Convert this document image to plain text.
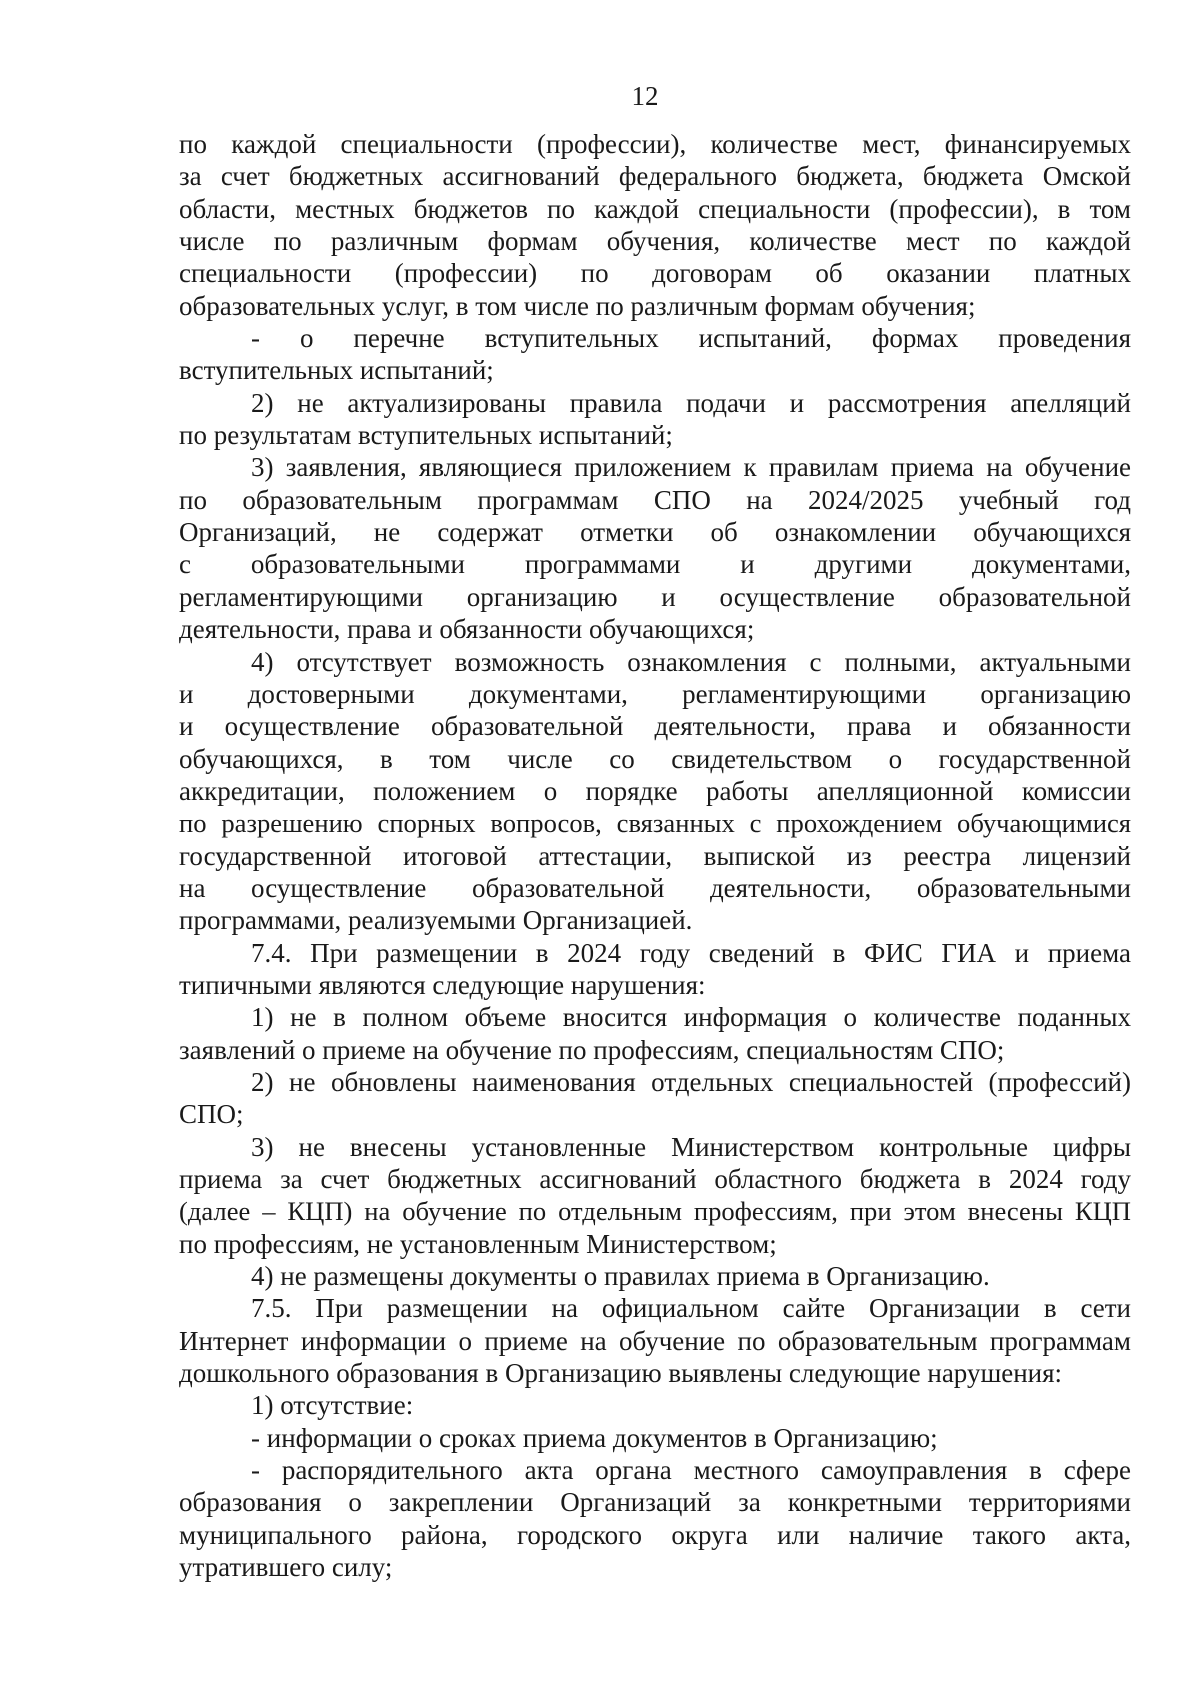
12
по каждой специальности (профессии), количестве мест, финансируемых
за счет бюджетных ассигнований федерального бюджета, бюджета Омской
области, местных бюджетов по каждой специальности (профессии), в том
числе по различным формам обучения, количестве мест по каждой
специальности (профессии) по договорам об оказании платных
образовательных услуг, в том числе по различным формам обучения;
- о перечне вступительных испытаний, формах проведения
вступительных испытаний;
2) не актуализированы правила подачи и рассмотрения апелляций
по результатам вступительных испытаний;
3) заявления, являющиеся приложением к правилам приема на обучение
по образовательным программам СПО на 2024/2025 учебный год
Организаций, не содержат отметки об ознакомлении обучающихся
с образовательными программами и другими документами,
регламентирующими организацию и осуществление образовательной
деятельности, права и обязанности обучающихся;
4) отсутствует возможность ознакомления с полными, актуальными
и достоверными документами, регламентирующими организацию
и осуществление образовательной деятельности, права и обязанности
обучающихся, в том числе со свидетельством о государственной
аккредитации, положением о порядке работы апелляционной комиссии
по разрешению спорных вопросов, связанных с прохождением обучающимися
государственной итоговой аттестации, выпиской из реестра лицензий
на осуществление образовательной деятельности, образовательными
программами, реализуемыми Организацией.
7.4. При размещении в 2024 году сведений в ФИС ГИА и приема
типичными являются следующие нарушения:
1) не в полном объеме вносится информация о количестве поданных
заявлений о приеме на обучение по профессиям, специальностям СПО;
2) не обновлены наименования отдельных специальностей (профессий)
СПО;
3) не внесены установленные Министерством контрольные цифры
приема за счет бюджетных ассигнований областного бюджета в 2024 году
(далее – КЦП) на обучение по отдельным профессиям, при этом внесены КЦП
по профессиям, не установленным Министерством;
4) не размещены документы о правилах приема в Организацию.
7.5. При размещении на официальном сайте Организации в сети
Интернет информации о приеме на обучение по образовательным программам
дошкольного образования в Организацию выявлены следующие нарушения:
1) отсутствие:
- информации о сроках приема документов в Организацию;
- распорядительного акта органа местного самоуправления в сфере
образования о закреплении Организаций за конкретными территориями
муниципального района, городского округа или наличие такого акта,
утратившего силу;
